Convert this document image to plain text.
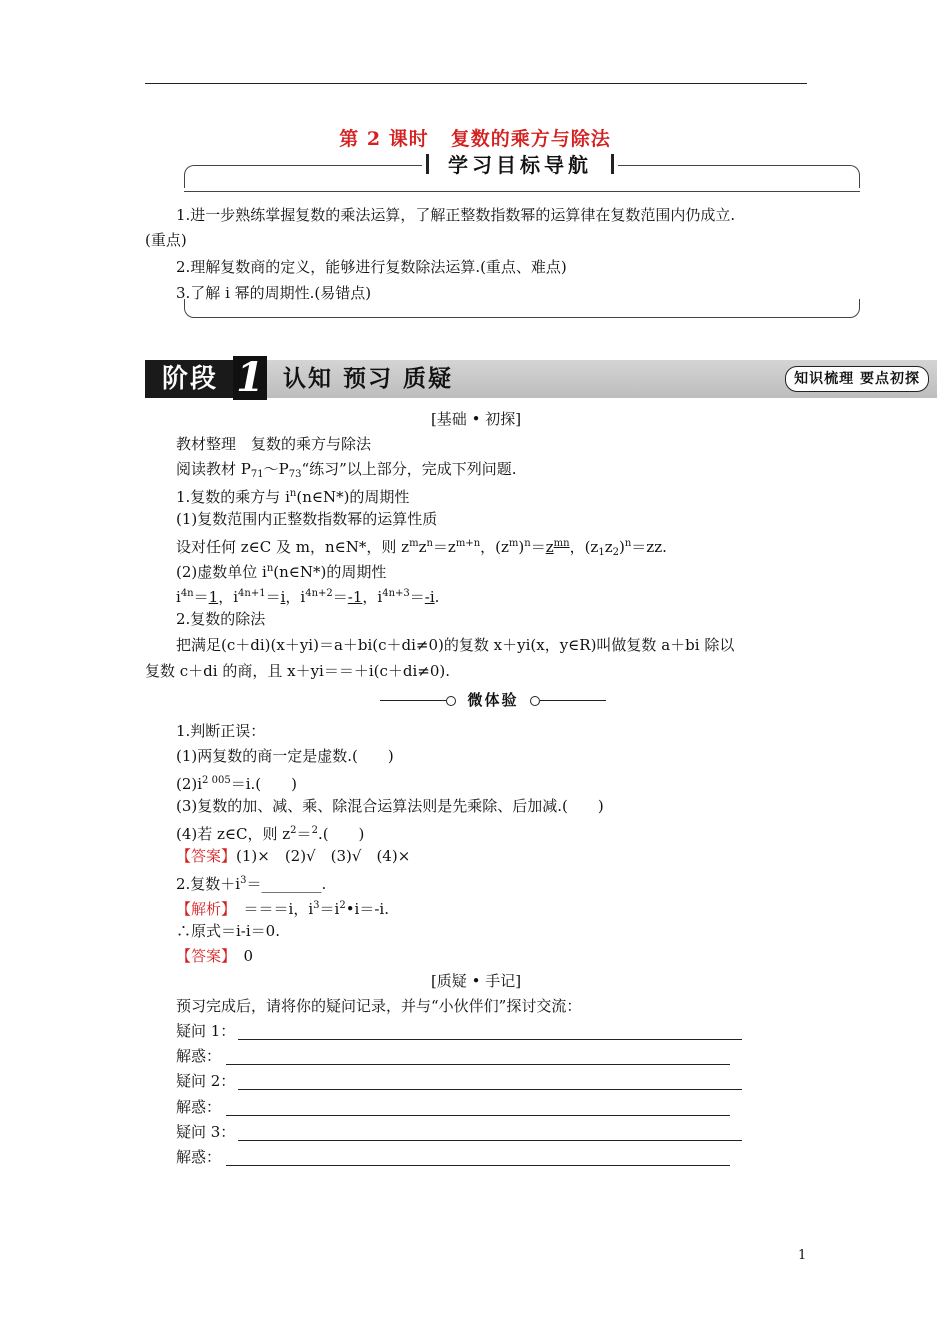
第 2 课时 复数的乘方与除法
学习目标导航
1.进一步熟练掌握复数的乘法运算，了解正整数指数幂的运算律在复数范围内仍成立.
(重点)
2.理解复数商的定义，能够进行复数除法运算.(重点、难点)
3.了解 i 幂的周期性.(易错点)
阶段 1 认知 预习 质疑	知识梳理 要点初探
[基础 • 初探]
教材整理　复数的乘方与除法
阅读教材 $P_{71}\sim P_{73}“$练习”以上部分，完成下列问题.
1.复数的乘方与 $i^n(n\in N*)$的周期性
(1)复数范围内正整数指数幂的运算性质
设对任何 z∈C 及 m，n∈N*，则 $z^mz^n=z^{m+n}$，$(z^m)^n=z^{mn}$，$(z_1z_2)^n=zz$.
(2)虚数单位 $i^n(n\in N*)$的周期性
$i^{4n}=1$，$i^{4n+1}=i$，$i^{4n+2}=-1$，$i^{4n+3}=-i$.
2.复数的除法
把满足(c＋di)(x＋yi)＝a＋bi(c＋di≠0)的复数 x＋yi(x，y∈R)叫做复数 a＋bi 除以
复数 c＋di 的商，且 x＋yi＝＝＋i(c＋di≠0).
微体验
1.判断正误：
(1)两复数的商一定是虚数.(　　)
$(2)i^{2 005}=i$.(　　)
(3)复数的加、减、乘、除混合运算法则是先乘除、后加减.(　　)
(4)若 z∈C，则 $z^2=^2$.(　　)
【答案】(1)×　(2)√　(3)√　(4)×
2.复数$+i^3=\_\_\_\_\_\_\_\_$.
【解析】　＝＝＝i，$i^3=i^2•i=-i$.
∴原式＝i-i＝0.
【答案】　0
[质疑 • 手记]
预习完成后，请将你的疑问记录，并与“小伙伴们”探讨交流：
疑问 1：
解惑：
疑问 2：
解惑：
疑问 3：
解惑：
1
